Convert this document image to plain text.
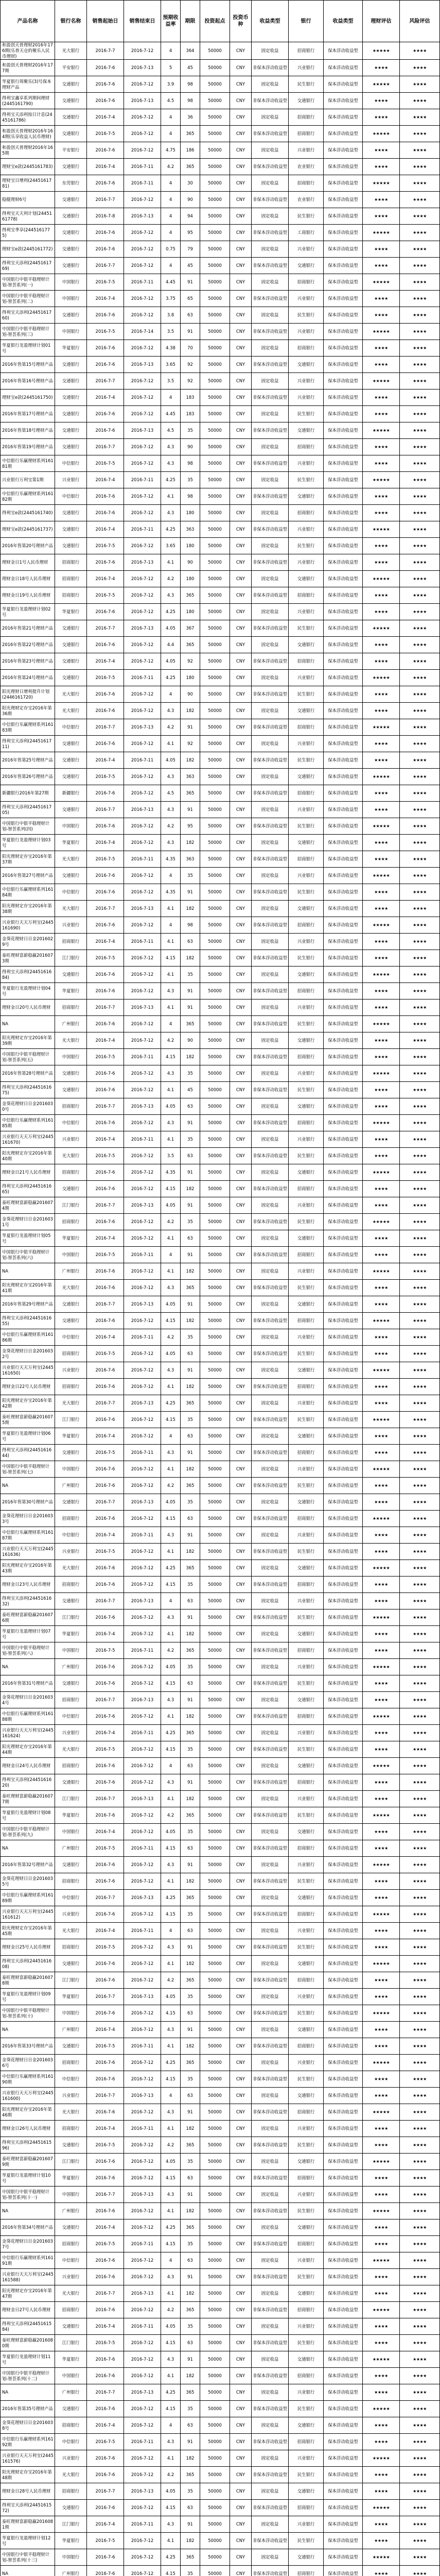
产品名称	银行名称	销售起始日	销售结束日	预期收益率	期限	投资起点	投资币种	收益类型	银行	收益类型	理财评估	风险评估
和盈创天普理财2016年176期(乐普天仓的聚乐人民币理财)	光大银行	2016-7-7	2016-7-12	4	364	50000	CNY	固定收益	招商银行	保本浮动收益型	★★★★★	★★★★
和盈创天普理财2016年177期	平安银行	2016-7-6	2016-7-13	5	45	50000	CNY	非保本浮动收益型	兴业银行	保本浮动收益型	★★★★	★★★★
华夏银行周聚乐(3)号保本理财产品	交通银行	2016-7-6	2016-7-12	3.9	98	50000	CNY	固定收益	民生银行	保本浮动收益型	★★★★★	★★★★
得利宝鑫享系列期间理财(2445161790)	交通银行	2016-7-6	2016-7-13	4.5	98	50000	CNY	非保本浮动收益型	交通银行	保本浮动收益型	★★★★	★★★★
得利宝天添利按日计息(2445161786)	交通银行	2016-7-4	2016-7-12	4	36	50000	CNY	固定收益	招商银行	保本浮动收益型	★★★★	★★★★
和盈创天普理财2016年164期(乐享收益人民币理财)	交通银行	2016-7-5	2016-7-12	4	365	50000	CNY	非保本浮动收益型	招商银行	保本浮动收益型	★★★★★	★★★★
和盈创天普理财2016年165期	平安银行	2016-7-6	2016-7-12	4.75	186	50000	CNY	固定收益	兴业银行	保本浮动收益型	★★★★	★★★★
理财宝e款(2445161783)	交通银行	2016-7-4	2016-7-11	4.2	365	50000	CNY	非保本浮动收益型	农业银行	保本浮动收益型	★★★★	★★★★
理财宝日增利(2445161781)	东莞银行	2016-7-6	2016-7-11	4	30	50000	CNY	固定收益	招商银行	保本浮动收益型	★★★★★	★★★★
稳健理财6号	交通银行	2016-7-7	2016-7-12	4	90	50000	CNY	非保本浮动收益型	农业银行	保本浮动收益型	★★★★	★★★★
得利宝天天利计划(2445161778)	交通银行	2016-7-8	2016-7-13	4	94	50000	CNY	固定收益	民生银行	保本浮动收益型	★★★★	★★★★
得利宝季享(2445161775)	交通银行	2016-7-6	2016-7-12	4	95	50000	CNY	非保本浮动收益型	工商银行	保本浮动收益型	★★★★★	★★★★
理财宝e款(2445161772)	交通银行	2016-7-6	2016-7-12	0.75	79	50000	CNY	固定收益	兴业银行	保本浮动收益型	★★★★	★★★★
得利宝天添利(2445161769)	交通银行	2016-7-7	2016-7-12	4	45	50000	CNY	非保本浮动收益型	交通银行	保本浮动收益型	★★★★	★★★★
中国银行中银平稳理财计划-智荟系列(一)	中国银行	2016-7-5	2016-7-11	4.45	91	50000	CNY	固定收益	招商银行	保本浮动收益型	★★★★★	★★★★
中国银行中银平稳理财计划-智荟系列(二)	中国银行	2016-7-4	2016-7-12	3.75	65	50000	CNY	非保本浮动收益型	兴业银行	保本浮动收益型	★★★★	★★★★
得利宝天添利(2445161760)	交通银行	2016-7-6	2016-7-12	3.8	63	50000	CNY	固定收益	民生银行	保本浮动收益型	★★★★	★★★★
中国银行中银平稳理财计划-智荟系列(三)	中国银行	2016-7-5	2016-7-14	3.5	91	50000	CNY	非保本浮动收益型	兴业银行	保本浮动收益型	★★★★★	★★★★
华夏银行龙盈理财计划01号	华夏银行	2016-7-6	2016-7-12	4.38	70	50000	CNY	固定收益	招商银行	保本浮动收益型	★★★★	★★★★
2016年售第15号理财产品	交通银行	2016-7-6	2016-7-13	3.65	92	50000	CNY	非保本浮动收益型	交通银行	保本浮动收益型	★★★★	★★★★
2016年售第16号理财产品	交通银行	2016-7-7	2016-7-12	3.5	92	50000	CNY	固定收益	兴业银行	保本浮动收益型	★★★★★	★★★★
理财宝e款(2445161750)	交通银行	2016-7-4	2016-7-12	4	183	50000	CNY	非保本浮动收益型	兴业银行	保本浮动收益型	★★★★	★★★★
2016年售第17号理财产品	交通银行	2016-7-6	2016-7-12	4.45	183	50000	CNY	固定收益	民生银行	保本浮动收益型	★★★★	★★★★
2016年售第18号理财产品	交通银行	2016-7-6	2016-7-13	4.5	35	50000	CNY	非保本浮动收益型	交通银行	保本浮动收益型	★★★★★	★★★★
2016年售第19号理财产品	交通银行	2016-7-7	2016-7-12	4.3	90	50000	CNY	固定收益	招商银行	保本浮动收益型	★★★★	★★★★
中信银行乐赢理财系列16181期	中信银行	2016-7-5	2016-7-12	4.3	98	50000	CNY	非保本浮动收益型	兴业银行	保本浮动收益型	★★★★	★★★★
兴业银行万利宝第1期	兴业银行	2016-7-4	2016-7-11	4.25	35	50000	CNY	固定收益	民生银行	保本浮动收益型	★★★★★	★★★★
中信银行乐赢理财系列16182期	中信银行	2016-7-6	2016-7-12	4.1	98	50000	CNY	非保本浮动收益型	交通银行	保本浮动收益型	★★★★	★★★★
得利宝e款(2445161740)	交通银行	2016-7-6	2016-7-12	4.3	180	50000	CNY	固定收益	招商银行	保本浮动收益型	★★★★	★★★★
理财宝e款(2445161737)	交通银行	2016-7-4	2016-7-11	4.25	363	50000	CNY	非保本浮动收益型	兴业银行	保本浮动收益型	★★★★★	★★★★
2016年售第20号理财产品	交通银行	2016-7-5	2016-7-12	3.65	180	50000	CNY	固定收益	民生银行	保本浮动收益型	★★★★	★★★★
理财金日1号人民币理财	招商银行	2016-7-6	2016-7-13	4.1	90	50000	CNY	非保本浮动收益型	兴业银行	保本浮动收益型	★★★★	★★★★
理财金日18号人民币理财	招商银行	2016-7-4	2016-7-12	4.2	180	50000	CNY	固定收益	交通银行	保本浮动收益型	★★★★★	★★★★
理财金日19号人民币理财	招商银行	2016-7-5	2016-7-12	4.3	365	50000	CNY	非保本浮动收益型	招商银行	保本浮动收益型	★★★★	★★★★
华夏银行龙盈理财计划02号	华夏银行	2016-7-6	2016-7-12	4.25	180	50000	CNY	固定收益	兴业银行	保本浮动收益型	★★★★	★★★★
2016年售第21号理财产品	交通银行	2016-7-7	2016-7-13	4.05	367	50000	CNY	非保本浮动收益型	民生银行	保本浮动收益型	★★★★★	★★★★
2016年售第22号理财产品	交通银行	2016-7-6	2016-7-12	4.4	365	50000	CNY	固定收益	交通银行	保本浮动收益型	★★★★	★★★★
2016年售第23号理财产品	交通银行	2016-7-4	2016-7-12	4.05	92	50000	CNY	非保本浮动收益型	招商银行	保本浮动收益型	★★★★	★★★★
2016年售第24号理财产品	交通银行	2016-7-5	2016-7-11	4.25	180	50000	CNY	固定收益	兴业银行	保本浮动收益型	★★★★★	★★★★
阳光理财日增利提升计划(2446161720)	光大银行	2016-7-6	2016-7-12	4	90	50000	CNY	非保本浮动收益型	民生银行	保本浮动收益型	★★★★	★★★★
阳光理财定存宝2016年第36期	光大银行	2016-7-6	2016-7-12	4.3	182	50000	CNY	固定收益	交通银行	保本浮动收益型	★★★★	★★★★
中信银行乐赢理财系列16183期	中信银行	2016-7-7	2016-7-13	4.2	91	50000	CNY	非保本浮动收益型	招商银行	保本浮动收益型	★★★★★	★★★★
得利宝天添利(2445161711)	交通银行	2016-7-6	2016-7-12	4.1	92	50000	CNY	固定收益	兴业银行	保本浮动收益型	★★★★	★★★★
2016年售第25号理财产品	交通银行	2016-7-4	2016-7-11	4.05	182	50000	CNY	非保本浮动收益型	民生银行	保本浮动收益型	★★★★	★★★★
2016年售第26号理财产品	交通银行	2016-7-5	2016-7-12	4.3	363	50000	CNY	固定收益	交通银行	保本浮动收益型	★★★★★	★★★★
新疆银行2016年第27期	新疆银行	2016-7-6	2016-7-12	4.5	365	50000	CNY	非保本浮动收益型	招商银行	保本浮动收益型	★★★★	★★★★
得利宝天添利(2445161705)	交通银行	2016-7-7	2016-7-13	4.3	91	50000	CNY	固定收益	兴业银行	保本浮动收益型	★★★★	★★★★
中国银行中银平稳理财计划-智荟系列(四)	中国银行	2016-7-6	2016-7-12	4.2	95	50000	CNY	非保本浮动收益型	民生银行	保本浮动收益型	★★★★★	★★★★
华夏银行龙盈理财计划03号	华夏银行	2016-7-4	2016-7-12	4.3	182	50000	CNY	固定收益	交通银行	保本浮动收益型	★★★★	★★★★
阳光理财定存宝2016年第37期	光大银行	2016-7-5	2016-7-11	4.35	363	50000	CNY	非保本浮动收益型	招商银行	保本浮动收益型	★★★★	★★★★
2016年售第27号理财产品	交通银行	2016-7-6	2016-7-12	4	35	50000	CNY	固定收益	兴业银行	保本浮动收益型	★★★★★	★★★★
中信银行乐赢理财系列16184期	中信银行	2016-7-6	2016-7-12	4.35	91	50000	CNY	非保本浮动收益型	民生银行	保本浮动收益型	★★★★	★★★★
阳光理财定存宝2016年第38期	光大银行	2016-7-7	2016-7-13	4.1	182	50000	CNY	固定收益	交通银行	保本浮动收益型	★★★★	★★★★
兴业银行天天万利宝(2445161690)	兴业银行	2016-7-6	2016-7-12	4	98	50000	CNY	非保本浮动收益型	招商银行	保本浮动收益型	★★★★★	★★★★
金葵花理财日日金2016029号	招商银行	2016-7-4	2016-7-11	4.1	63	50000	CNY	固定收益	兴业银行	保本浮动收益型	★★★★	★★★★
泰旺理财富薪稳赢2016073期	江门银行	2016-7-5	2016-7-12	4.15	182	50000	CNY	非保本浮动收益型	民生银行	保本浮动收益型	★★★★	★★★★
得利宝天添利(2445161684)	交通银行	2016-7-6	2016-7-12	4.1	35	50000	CNY	固定收益	交通银行	保本浮动收益型	★★★★★	★★★★
华夏银行龙盈理财计划04号	华夏银行	2016-7-6	2016-7-12	4.3	91	50000	CNY	非保本浮动收益型	招商银行	保本浮动收益型	★★★★	★★★★
理财金日20号人民币理财	招商银行	2016-7-7	2016-7-13	4.1	91	50000	CNY	固定收益	兴业银行	保本浮动收益型	★★★★	★★★★
NA	广州银行	2016-7-6	2016-7-12	4	365	50000	CNY	非保本浮动收益型	民生银行	保本浮动收益型	★★★★★	★★★★
阳光理财定存宝2016年第39期	光大银行	2016-7-4	2016-7-12	4.2	90	50000	CNY	固定收益	交通银行	保本浮动收益型	★★★★	★★★★
中国银行中银平稳理财计划-智荟系列(五)	中国银行	2016-7-5	2016-7-11	4.15	182	50000	CNY	非保本浮动收益型	招商银行	保本浮动收益型	★★★★	★★★★
2016年售第28号理财产品	交通银行	2016-7-6	2016-7-12	4.3	35	50000	CNY	固定收益	兴业银行	保本浮动收益型	★★★★★	★★★★
得利宝天添利(2445161675)	交通银行	2016-7-6	2016-7-12	4.1	45	50000	CNY	非保本浮动收益型	民生银行	保本浮动收益型	★★★★	★★★★
金葵花理财日日金2016030号	招商银行	2016-7-7	2016-7-13	4.05	63	50000	CNY	固定收益	交通银行	保本浮动收益型	★★★★	★★★★
中信银行乐赢理财系列16185期	中信银行	2016-7-6	2016-7-12	4.3	91	50000	CNY	非保本浮动收益型	招商银行	保本浮动收益型	★★★★★	★★★★
兴业银行天天万利宝(2445161670)	兴业银行	2016-7-4	2016-7-11	4.1	35	50000	CNY	固定收益	兴业银行	保本浮动收益型	★★★★	★★★★
阳光理财定存宝2016年第40期	光大银行	2016-7-5	2016-7-12	3.5	63	50000	CNY	非保本浮动收益型	民生银行	保本浮动收益型	★★★★	★★★★
理财金日21号人民币理财	招商银行	2016-7-6	2016-7-12	4.35	91	50000	CNY	固定收益	交通银行	保本浮动收益型	★★★★★	★★★★
得利宝天添利(2445161665)	交通银行	2016-7-6	2016-7-12	4.15	182	50000	CNY	非保本浮动收益型	招商银行	保本浮动收益型	★★★★	★★★★
泰旺理财富薪稳赢2016074期	江门银行	2016-7-7	2016-7-13	4.05	91	50000	CNY	固定收益	兴业银行	保本浮动收益型	★★★★	★★★★
金葵花理财日日金2016031号	招商银行	2016-7-6	2016-7-12	4.2	35	50000	CNY	非保本浮动收益型	民生银行	保本浮动收益型	★★★★★	★★★★
华夏银行龙盈理财计划05号	华夏银行	2016-7-4	2016-7-12	4.1	63	50000	CNY	固定收益	交通银行	保本浮动收益型	★★★★	★★★★
中国银行中银平稳理财计划-智荟系列(六)	中国银行	2016-7-5	2016-7-11	4	91	50000	CNY	非保本浮动收益型	招商银行	保本浮动收益型	★★★★	★★★★
NA	广州银行	2016-7-6	2016-7-12	4.1	182	50000	CNY	固定收益	兴业银行	保本浮动收益型	★★★★★	★★★★
阳光理财定存宝2016年第41期	光大银行	2016-7-6	2016-7-12	4.3	365	50000	CNY	非保本浮动收益型	民生银行	保本浮动收益型	★★★★	★★★★
2016年售第29号理财产品	交通银行	2016-7-7	2016-7-13	4.05	91	50000	CNY	固定收益	交通银行	保本浮动收益型	★★★★	★★★★
得利宝天添利(2445161655)	交通银行	2016-7-6	2016-7-12	4.15	182	50000	CNY	非保本浮动收益型	招商银行	保本浮动收益型	★★★★★	★★★★
中信银行乐赢理财系列16186期	中信银行	2016-7-4	2016-7-11	4.2	35	50000	CNY	固定收益	兴业银行	保本浮动收益型	★★★★	★★★★
金葵花理财日日金2016032号	招商银行	2016-7-5	2016-7-12	4.05	63	50000	CNY	非保本浮动收益型	民生银行	保本浮动收益型	★★★★	★★★★
兴业银行天天万利宝(2445161650)	兴业银行	2016-7-6	2016-7-12	4.3	91	50000	CNY	固定收益	交通银行	保本浮动收益型	★★★★★	★★★★
理财金日22号人民币理财	招商银行	2016-7-6	2016-7-12	4.1	182	50000	CNY	非保本浮动收益型	招商银行	保本浮动收益型	★★★★	★★★★
阳光理财定存宝2016年第42期	光大银行	2016-7-7	2016-7-13	4.25	365	50000	CNY	固定收益	兴业银行	保本浮动收益型	★★★★	★★★★
泰旺理财富薪稳赢2016075期	江门银行	2016-7-6	2016-7-12	4.15	35	50000	CNY	非保本浮动收益型	民生银行	保本浮动收益型	★★★★★	★★★★
华夏银行龙盈理财计划06号	华夏银行	2016-7-4	2016-7-12	4	63	50000	CNY	固定收益	交通银行	保本浮动收益型	★★★★	★★★★
得利宝天添利(2445161644)	交通银行	2016-7-5	2016-7-11	4.3	91	50000	CNY	非保本浮动收益型	招商银行	保本浮动收益型	★★★★	★★★★
中国银行中银平稳理财计划-智荟系列(七)	中国银行	2016-7-6	2016-7-12	4.1	182	50000	CNY	固定收益	兴业银行	保本浮动收益型	★★★★★	★★★★
NA	广州银行	2016-7-6	2016-7-12	4.2	365	50000	CNY	非保本浮动收益型	民生银行	保本浮动收益型	★★★★	★★★★
2016年售第30号理财产品	交通银行	2016-7-7	2016-7-13	4.05	35	50000	CNY	固定收益	交通银行	保本浮动收益型	★★★★	★★★★
金葵花理财日日金2016033号	招商银行	2016-7-6	2016-7-12	4.15	63	50000	CNY	非保本浮动收益型	招商银行	保本浮动收益型	★★★★★	★★★★
中信银行乐赢理财系列16187期	中信银行	2016-7-4	2016-7-11	4.3	91	50000	CNY	固定收益	兴业银行	保本浮动收益型	★★★★	★★★★
兴业银行天天万利宝(2445161636)	兴业银行	2016-7-5	2016-7-12	4.1	182	50000	CNY	非保本浮动收益型	民生银行	保本浮动收益型	★★★★	★★★★
阳光理财定存宝2016年第43期	光大银行	2016-7-6	2016-7-12	4.25	365	50000	CNY	固定收益	交通银行	保本浮动收益型	★★★★★	★★★★
理财金日23号人民币理财	招商银行	2016-7-6	2016-7-12	4.15	35	50000	CNY	非保本浮动收益型	招商银行	保本浮动收益型	★★★★	★★★★
得利宝天添利(2445161632)	交通银行	2016-7-7	2016-7-13	4	63	50000	CNY	固定收益	兴业银行	保本浮动收益型	★★★★	★★★★
泰旺理财富薪稳赢2016076期	江门银行	2016-7-6	2016-7-12	4.3	91	50000	CNY	非保本浮动收益型	民生银行	保本浮动收益型	★★★★★	★★★★
华夏银行龙盈理财计划07号	华夏银行	2016-7-4	2016-7-12	4.1	182	50000	CNY	固定收益	交通银行	保本浮动收益型	★★★★	★★★★
中国银行中银平稳理财计划-智荟系列(八)	中国银行	2016-7-5	2016-7-11	4.2	365	50000	CNY	非保本浮动收益型	招商银行	保本浮动收益型	★★★★	★★★★
NA	广州银行	2016-7-6	2016-7-12	4.05	35	50000	CNY	固定收益	兴业银行	保本浮动收益型	★★★★★	★★★★
2016年售第31号理财产品	交通银行	2016-7-6	2016-7-12	4.15	63	50000	CNY	非保本浮动收益型	民生银行	保本浮动收益型	★★★★	★★★★
金葵花理财日日金2016034号	招商银行	2016-7-7	2016-7-13	4.3	91	50000	CNY	固定收益	交通银行	保本浮动收益型	★★★★	★★★★
中信银行乐赢理财系列16188期	中信银行	2016-7-6	2016-7-12	4.1	182	50000	CNY	非保本浮动收益型	招商银行	保本浮动收益型	★★★★★	★★★★
兴业银行天天万利宝(2445161624)	兴业银行	2016-7-4	2016-7-11	4.25	365	50000	CNY	固定收益	兴业银行	保本浮动收益型	★★★★	★★★★
阳光理财定存宝2016年第44期	光大银行	2016-7-5	2016-7-12	4.15	35	50000	CNY	非保本浮动收益型	民生银行	保本浮动收益型	★★★★	★★★★
理财金日24号人民币理财	招商银行	2016-7-6	2016-7-12	4	63	50000	CNY	固定收益	交通银行	保本浮动收益型	★★★★★	★★★★
得利宝天添利(2445161620)	交通银行	2016-7-6	2016-7-12	4.3	91	50000	CNY	非保本浮动收益型	招商银行	保本浮动收益型	★★★★	★★★★
泰旺理财富薪稳赢2016077期	江门银行	2016-7-7	2016-7-13	4.1	182	50000	CNY	固定收益	兴业银行	保本浮动收益型	★★★★	★★★★
华夏银行龙盈理财计划08号	华夏银行	2016-7-6	2016-7-12	4.2	365	50000	CNY	非保本浮动收益型	民生银行	保本浮动收益型	★★★★★	★★★★
中国银行中银平稳理财计划-智荟系列(九)	中国银行	2016-7-4	2016-7-12	4.05	35	50000	CNY	固定收益	交通银行	保本浮动收益型	★★★★	★★★★
NA	广州银行	2016-7-5	2016-7-11	4.15	63	50000	CNY	非保本浮动收益型	招商银行	保本浮动收益型	★★★★	★★★★
2016年售第32号理财产品	交通银行	2016-7-6	2016-7-12	4.3	91	50000	CNY	固定收益	兴业银行	保本浮动收益型	★★★★★	★★★★
金葵花理财日日金2016035号	招商银行	2016-7-6	2016-7-12	4.1	182	50000	CNY	非保本浮动收益型	民生银行	保本浮动收益型	★★★★	★★★★
中信银行乐赢理财系列16189期	中信银行	2016-7-7	2016-7-13	4.25	365	50000	CNY	固定收益	交通银行	保本浮动收益型	★★★★	★★★★
兴业银行天天万利宝(2445161612)	兴业银行	2016-7-6	2016-7-12	4.15	35	50000	CNY	非保本浮动收益型	招商银行	保本浮动收益型	★★★★★	★★★★
阳光理财定存宝2016年第45期	光大银行	2016-7-4	2016-7-11	4	63	50000	CNY	固定收益	兴业银行	保本浮动收益型	★★★★	★★★★
理财金日25号人民币理财	招商银行	2016-7-5	2016-7-12	4.3	91	50000	CNY	非保本浮动收益型	民生银行	保本浮动收益型	★★★★	★★★★
得利宝天添利(2445161608)	交通银行	2016-7-6	2016-7-12	4.1	182	50000	CNY	固定收益	交通银行	保本浮动收益型	★★★★★	★★★★
泰旺理财富薪稳赢2016078期	江门银行	2016-7-6	2016-7-12	4.2	365	50000	CNY	非保本浮动收益型	招商银行	保本浮动收益型	★★★★	★★★★
华夏银行龙盈理财计划09号	华夏银行	2016-7-7	2016-7-13	4.05	35	50000	CNY	固定收益	兴业银行	保本浮动收益型	★★★★	★★★★
中国银行中银平稳理财计划-智荟系列(十)	中国银行	2016-7-6	2016-7-12	4.15	63	50000	CNY	非保本浮动收益型	民生银行	保本浮动收益型	★★★★★	★★★★
NA	广州银行	2016-7-4	2016-7-12	4.3	91	50000	CNY	固定收益	交通银行	保本浮动收益型	★★★★	★★★★
2016年售第33号理财产品	交通银行	2016-7-5	2016-7-11	4.1	182	50000	CNY	非保本浮动收益型	招商银行	保本浮动收益型	★★★★	★★★★
金葵花理财日日金2016036号	招商银行	2016-7-6	2016-7-12	4.25	365	50000	CNY	固定收益	兴业银行	保本浮动收益型	★★★★★	★★★★
中信银行乐赢理财系列16190期	中信银行	2016-7-6	2016-7-12	4.15	35	50000	CNY	非保本浮动收益型	民生银行	保本浮动收益型	★★★★	★★★★
兴业银行天天万利宝(2445161600)	兴业银行	2016-7-7	2016-7-13	4	63	50000	CNY	固定收益	交通银行	保本浮动收益型	★★★★	★★★★
阳光理财定存宝2016年第46期	光大银行	2016-7-6	2016-7-12	4.3	91	50000	CNY	非保本浮动收益型	招商银行	保本浮动收益型	★★★★★	★★★★
理财金日26号人民币理财	招商银行	2016-7-4	2016-7-11	4.1	182	50000	CNY	固定收益	兴业银行	保本浮动收益型	★★★★	★★★★
得利宝天添利(2445161596)	交通银行	2016-7-5	2016-7-12	4.2	365	50000	CNY	非保本浮动收益型	民生银行	保本浮动收益型	★★★★	★★★★
泰旺理财富薪稳赢2016079期	江门银行	2016-7-6	2016-7-12	4.05	35	50000	CNY	固定收益	交通银行	保本浮动收益型	★★★★★	★★★★
华夏银行龙盈理财计划10号	华夏银行	2016-7-6	2016-7-12	4.15	63	50000	CNY	非保本浮动收益型	招商银行	保本浮动收益型	★★★★	★★★★
中国银行中银平稳理财计划-智荟系列(十一)	中国银行	2016-7-7	2016-7-13	4.3	91	50000	CNY	固定收益	兴业银行	保本浮动收益型	★★★★	★★★★
NA	广州银行	2016-7-6	2016-7-12	4.1	182	50000	CNY	非保本浮动收益型	民生银行	保本浮动收益型	★★★★★	★★★★
2016年售第34号理财产品	交通银行	2016-7-4	2016-7-12	4.25	365	50000	CNY	固定收益	交通银行	保本浮动收益型	★★★★	★★★★
金葵花理财日日金2016037号	招商银行	2016-7-5	2016-7-11	4.15	35	50000	CNY	非保本浮动收益型	招商银行	保本浮动收益型	★★★★	★★★★
中信银行乐赢理财系列16191期	中信银行	2016-7-6	2016-7-12	4	63	50000	CNY	固定收益	兴业银行	保本浮动收益型	★★★★★	★★★★
兴业银行天天万利宝(2445161588)	兴业银行	2016-7-6	2016-7-12	4.3	91	50000	CNY	非保本浮动收益型	民生银行	保本浮动收益型	★★★★	★★★★
阳光理财定存宝2016年第47期	光大银行	2016-7-7	2016-7-13	4.1	182	50000	CNY	固定收益	交通银行	保本浮动收益型	★★★★	★★★★
理财金日27号人民币理财	招商银行	2016-7-6	2016-7-12	4.2	365	50000	CNY	非保本浮动收益型	招商银行	保本浮动收益型	★★★★★	★★★★
得利宝天添利(2445161584)	交通银行	2016-7-4	2016-7-11	4.05	35	50000	CNY	固定收益	兴业银行	保本浮动收益型	★★★★	★★★★
泰旺理财富薪稳赢2016080期	江门银行	2016-7-5	2016-7-12	4.15	63	50000	CNY	非保本浮动收益型	民生银行	保本浮动收益型	★★★★	★★★★
华夏银行龙盈理财计划11号	华夏银行	2016-7-6	2016-7-12	4.3	91	50000	CNY	固定收益	交通银行	保本浮动收益型	★★★★★	★★★★
中国银行中银平稳理财计划-智荟系列(十二)	中国银行	2016-7-6	2016-7-12	4.1	182	50000	CNY	非保本浮动收益型	招商银行	保本浮动收益型	★★★★	★★★★
NA	广州银行	2016-7-7	2016-7-13	4.25	365	50000	CNY	固定收益	兴业银行	保本浮动收益型	★★★★	★★★★
2016年售第35号理财产品	交通银行	2016-7-6	2016-7-12	4.15	35	50000	CNY	非保本浮动收益型	民生银行	保本浮动收益型	★★★★★	★★★★
金葵花理财日日金2016038号	招商银行	2016-7-4	2016-7-12	4	63	50000	CNY	固定收益	交通银行	保本浮动收益型	★★★★	★★★★
中信银行乐赢理财系列16192期	中信银行	2016-7-5	2016-7-11	4.3	91	50000	CNY	非保本浮动收益型	招商银行	保本浮动收益型	★★★★	★★★★
兴业银行天天万利宝(2445161576)	兴业银行	2016-7-6	2016-7-12	4.1	182	50000	CNY	固定收益	兴业银行	保本浮动收益型	★★★★★	★★★★
阳光理财定存宝2016年第48期	光大银行	2016-7-6	2016-7-12	4.2	365	50000	CNY	非保本浮动收益型	民生银行	保本浮动收益型	★★★★	★★★★
理财金日28号人民币理财	招商银行	2016-7-7	2016-7-13	4.05	35	50000	CNY	固定收益	交通银行	保本浮动收益型	★★★★	★★★★
得利宝天添利(2445161572)	交通银行	2016-7-6	2016-7-12	4.15	63	50000	CNY	非保本浮动收益型	招商银行	保本浮动收益型	★★★★★	★★★★
泰旺理财富薪稳赢2016081期	江门银行	2016-7-4	2016-7-11	4.3	91	50000	CNY	固定收益	兴业银行	保本浮动收益型	★★★★	★★★★
华夏银行龙盈理财计划12号	华夏银行	2016-7-5	2016-7-12	4.1	182	50000	CNY	非保本浮动收益型	民生银行	保本浮动收益型	★★★★	★★★★
中国银行中银平稳理财计划-智荟系列(十三)	中国银行	2016-7-6	2016-7-12	4.25	365	50000	CNY	固定收益	交通银行	保本浮动收益型	★★★★★	★★★★
NA	广州银行	2016-7-6	2016-7-12	4.15	35	50000	CNY	非保本浮动收益型	招商银行	保本浮动收益型	★★★★	★★★★
